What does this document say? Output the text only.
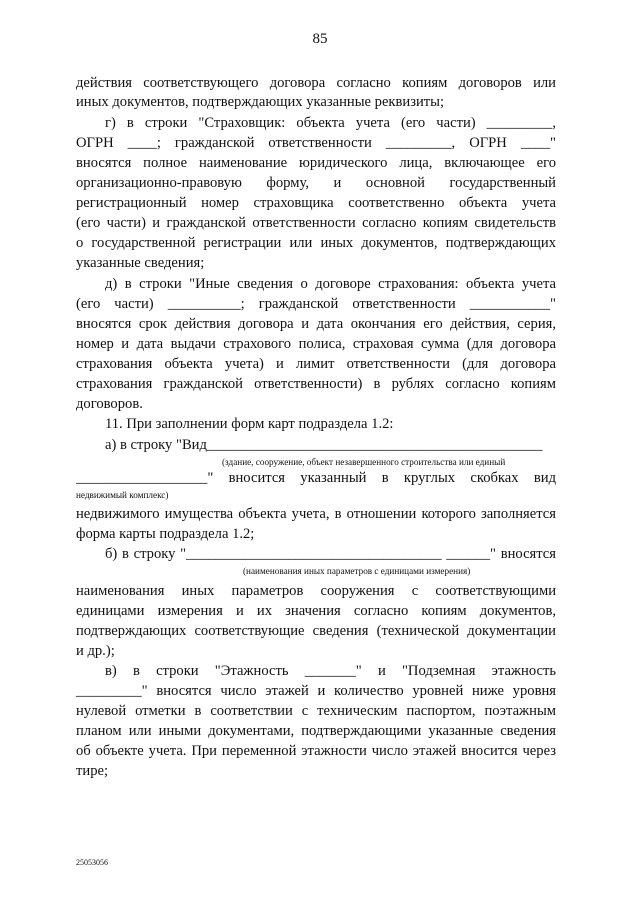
85
действия соответствующего договора согласно копиям договоров или
иных документов, подтверждающих указанные реквизиты;
г) в строки "Страховщик: объекта учета (его части) _________,
ОГРН ____; гражданской ответственности _________, ОГРН ____"
вносятся полное наименование юридического лица, включающее его
организационно-правовую форму, и основной государственный
регистрационный номер страховщика соответственно объекта учета
(его части) и гражданской ответственности согласно копиям свидетельств
о государственной регистрации или иных документов, подтверждающих
указанные сведения;
д) в строки "Иные сведения о договоре страхования: объекта учета
(его части) __________; гражданской ответственности ___________"
вносятся срок действия договора и дата окончания его действия, серия,
номер и дата выдачи страхового полиса, страховая сумма (для договора
страхования объекта учета) и лимит ответственности (для договора
страхования гражданской ответственности) в рублях согласно копиям
договоров.
11. При заполнении форм карт подраздела 1.2:
а) в строку "Вид______________________________________________
(здание, сооружение, объект незавершенного строительства или единый
__________________" вносится указанный в круглых скобках вид
недвижимый комплекс)
недвижимого имущества объекта учета, в отношении которого заполняется
форма карты подраздела 1.2;
б) в строку "___________________________________ ______" вносятся
(наименования иных параметров с единицами измерения)
наименования иных параметров сооружения с соответствующими
единицами измерения и их значения согласно копиям документов,
подтверждающих соответствующие сведения (технической документации
и др.);
в) в строки "Этажность _______" и "Подземная этажность
_________" вносятся число этажей и количество уровней ниже уровня
нулевой отметки в соответствии с техническим паспортом, поэтажным
планом или иными документами, подтверждающими указанные сведения
об объекте учета. При переменной этажности число этажей вносится через
тире;
25053056
